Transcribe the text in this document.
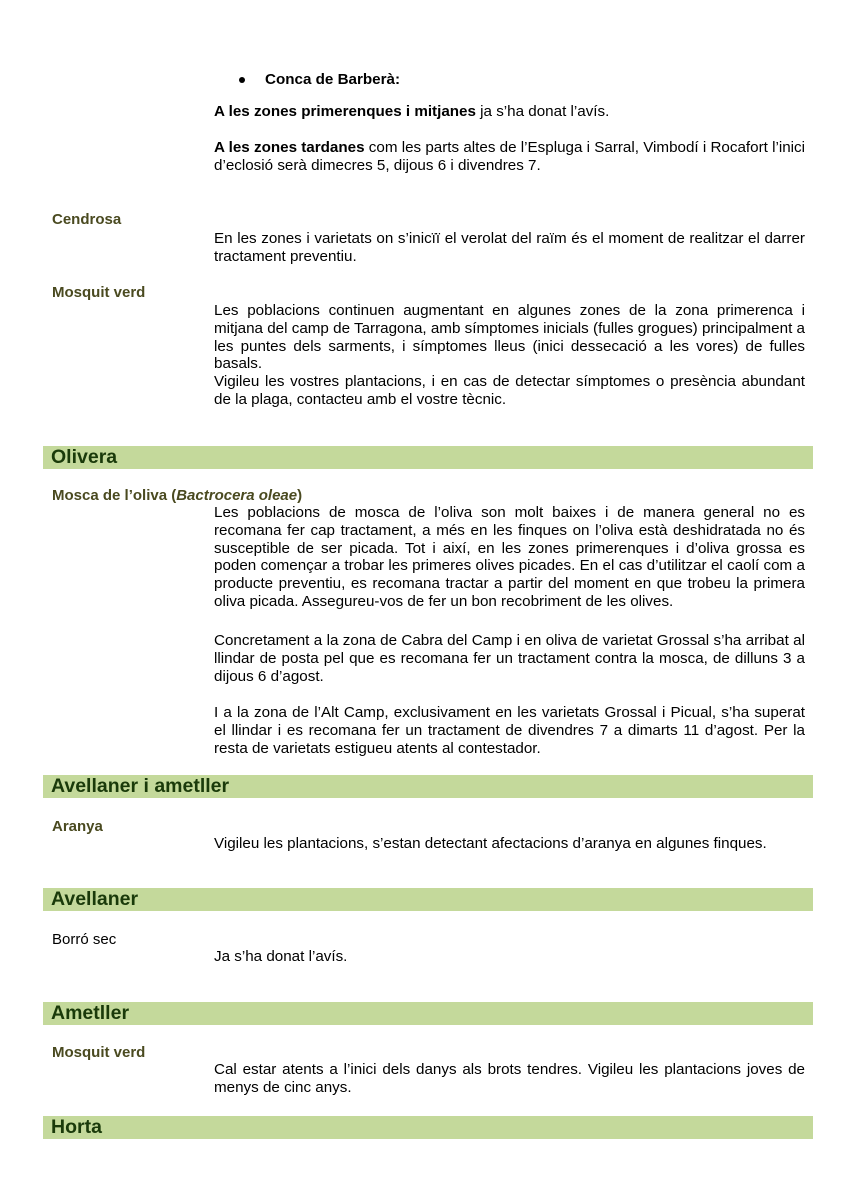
Conca de Barberà:
A les zones primerenques i mitjanes ja s’ha donat l’avís.
A les zones tardanes com les parts altes de l’Espluga i Sarral, Vimbodí i Rocafort l’inici d’eclosió serà dimecres 5, dijous 6 i divendres 7.
Cendrosa
En les zones i varietats on s’inicïï el verolat del raïm és el moment de realitzar el darrer tractament preventiu.
Mosquit verd
Les poblacions continuen augmentant en algunes zones de la zona primerenca i mitjana del camp de Tarragona, amb símptomes inicials (fulles grogues) principalment a les puntes dels sarments, i símptomes lleus (inici dessecació a les vores) de fulles basals.
Vigileu les vostres plantacions, i en cas de detectar símptomes o presència abundant de la plaga, contacteu amb el vostre tècnic.
Olivera
Mosca de l’oliva (Bactrocera oleae)
Les poblacions de mosca de l’oliva son molt baixes i de manera general no es recomana fer cap tractament, a més en les finques on l’oliva està deshidratada no és susceptible de ser picada. Tot i així, en les zones primerenques i d’oliva grossa es poden començar a trobar les primeres olives picades. En el cas d’utilitzar el caolí com a producte preventiu, es recomana tractar a partir del moment en que trobeu la primera oliva picada. Assegureu-vos de fer un bon recobriment de les olives.
Concretament a la zona de Cabra del Camp i en oliva de varietat Grossal s’ha arribat al llindar de posta pel que es recomana fer un tractament contra la mosca, de dilluns 3 a dijous 6 d’agost.
I a la zona de l’Alt Camp, exclusivament en les varietats Grossal i Picual, s’ha superat el llindar i es recomana fer un tractament de divendres 7 a dimarts 11 d’agost. Per la resta de varietats estigueu atents al contestador.
Avellaner i ametller
Aranya
Vigileu les plantacions, s’estan detectant afectacions d’aranya en algunes finques.
Avellaner
Borró sec
Ja s’ha donat l’avís.
Ametller
Mosquit verd
Cal estar atents a l’inici dels danys als brots tendres. Vigileu les plantacions joves de menys de cinc anys.
Horta
